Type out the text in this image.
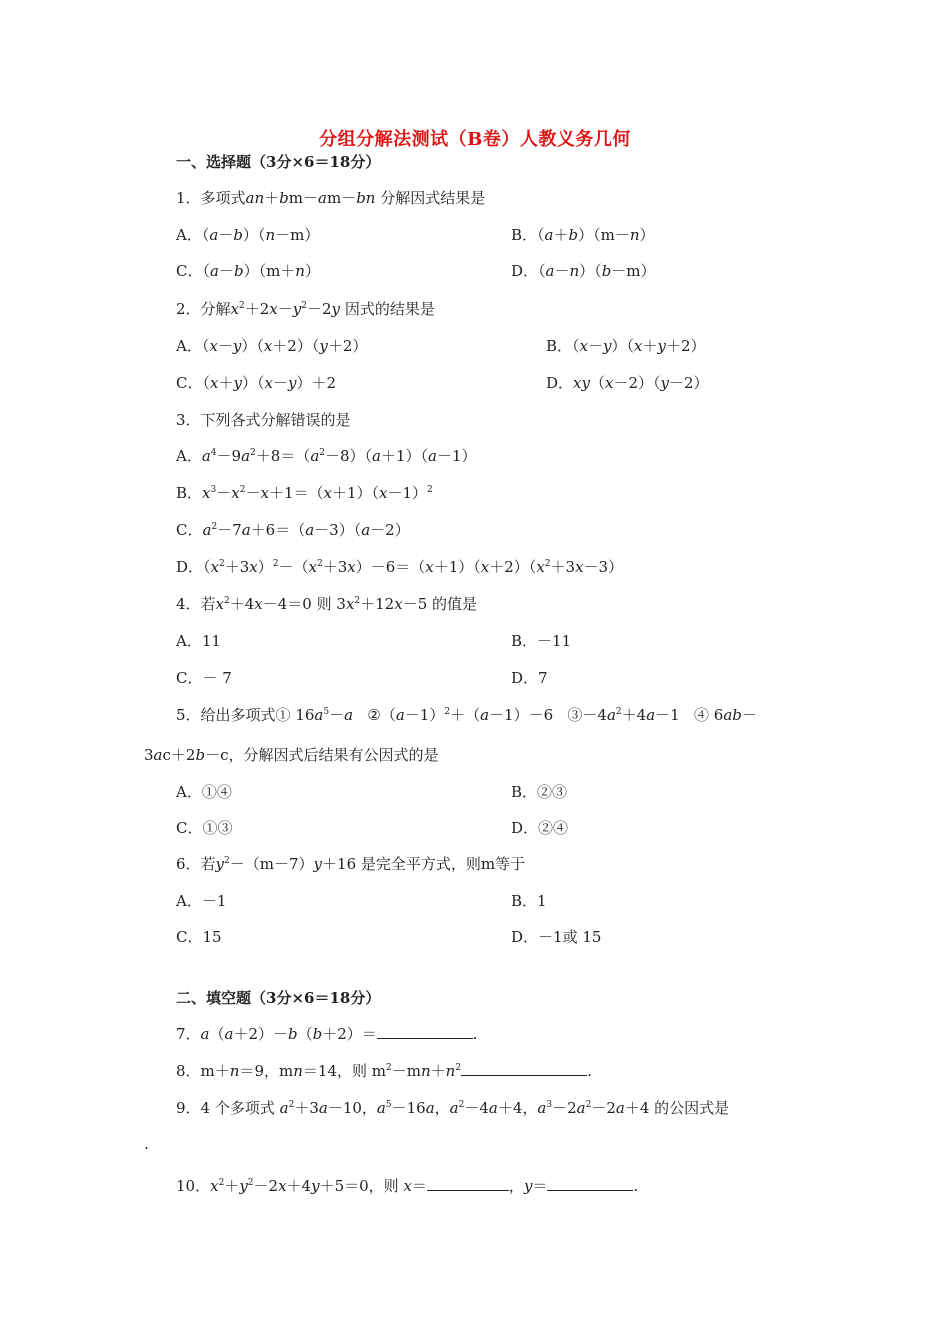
分组分解法测试（B卷）人教义务几何
一、选择题（3分×6＝18分）
1．多项式an＋bm－am－bn 分解因式结果是
A．（a－b）（n－m）	B．（a＋b）（m－n）
C．（a－b）（m＋n）	D．（a－n）（b－m）
2．分解$x^2+2x-y^2-2y$ 因式的结果是
A．（x－y）（x＋2）（y＋2）	B．（x－y）（x＋y＋2）
C．（x＋y）（x－y）＋2	D．xy（x－2）（y－2）
3．下列各式分解错误的是
A．$a^4-9a^2+8=(a^2-8)(a+1)(a-1)$
B．$x^3-x^2-x+1=(x+1)(x-1)^2$
C．$a^2-7a+6=(a-3)(a-2)$
D．$(x^2+3x)^2-(x^2+3x)-6=(x+1)(x+2)(x^2+3x-3)$
4．若$x^2+4x-4=0$ 则 $3x^2+12x-5$ 的值是
A．11	B．－11
C．－ 7	D．7
5．给出多项式① $16a^5-a$   $②(a-1)^2+(a-1)-6$   $③-4a^2+4a-1$   ④ 6ab－
3ac＋2b－c，分解因式后结果有公因式的是
A．①④	B．②③
C．①③	D．②④
6．若$y^2-(m-7)y+16$ 是完全平方式，则m等于
A．－1	B．1
C．15	D．－1或 15
二、填空题（3分×6＝18分）
7．a（a＋2）－b（b＋2）＝	.
8．m＋n＝9，mn＝14，则 $m^2-mn+n^2$	.
9．4 个多项式 $a^2+3a-10$，$a^5-16a$，$a^2-4a+4$，$a^3-2a^2-2a+4$ 的公因式是
.
10．$x^2+y^2-2x+4y+5=0$，则 x＝	，y＝	.
